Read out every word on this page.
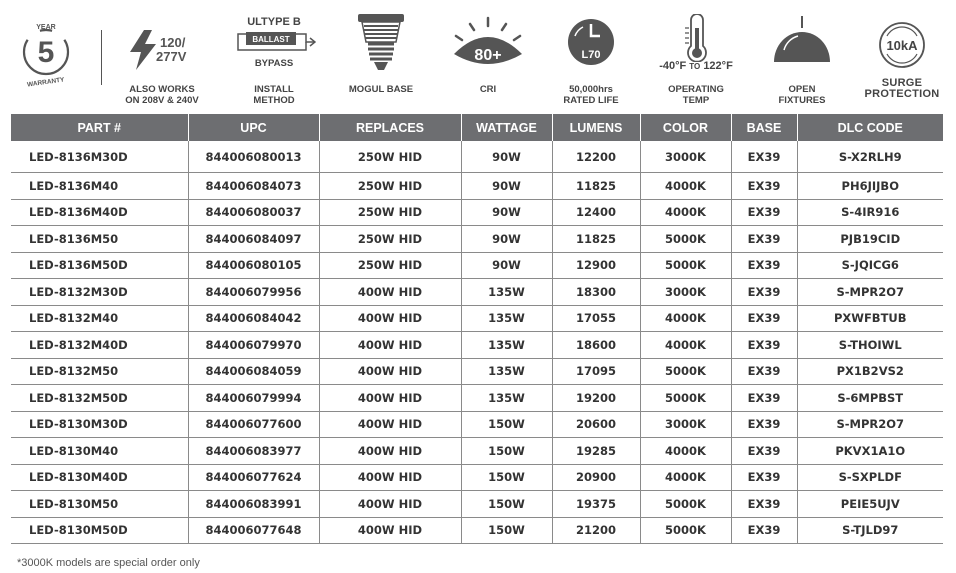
YEAR
5
WARRANTY
120/
277V
ALSO WORKS
ON 208V & 240V
ULTYPE B
BALLAST
BYPASS
INSTALL
METHOD
MOGUL BASE
80+
CRI
L70
50,000hrs
RATED LIFE
-40°F TO 122°F
OPERATING
TEMP
OPEN
FIXTURES
10kA
SURGE
PROTECTION
PART #	UPC	REPLACES	WATTAGE	LUMENS	COLOR	BASE	DLC CODE
LED-8136M30D	844006080013	250W HID	90W	12200	3000K	EX39	S-X2RLH9
LED-8136M40	844006084073	250W HID	90W	11825	4000K	EX39	PH6JIJBO
LED-8136M40D	844006080037	250W HID	90W	12400	4000K	EX39	S-4IR916
LED-8136M50	844006084097	250W HID	90W	11825	5000K	EX39	PJB19CID
LED-8136M50D	844006080105	250W HID	90W	12900	5000K	EX39	S-JQICG6
LED-8132M30D	844006079956	400W HID	135W	18300	3000K	EX39	S-MPR2O7
LED-8132M40	844006084042	400W HID	135W	17055	4000K	EX39	PXWFBTUB
LED-8132M40D	844006079970	400W HID	135W	18600	4000K	EX39	S-THOIWL
LED-8132M50	844006084059	400W HID	135W	17095	5000K	EX39	PX1B2VS2
LED-8132M50D	844006079994	400W HID	135W	19200	5000K	EX39	S-6MPBST
LED-8130M30D	844006077600	400W HID	150W	20600	3000K	EX39	S-MPR2O7
LED-8130M40	844006083977	400W HID	150W	19285	4000K	EX39	PKVX1A1O
LED-8130M40D	844006077624	400W HID	150W	20900	4000K	EX39	S-SXPLDF
LED-8130M50	844006083991	400W HID	150W	19375	5000K	EX39	PEIE5UJV
LED-8130M50D	844006077648	400W HID	150W	21200	5000K	EX39	S-TJLD97
*3000K models are special order only
